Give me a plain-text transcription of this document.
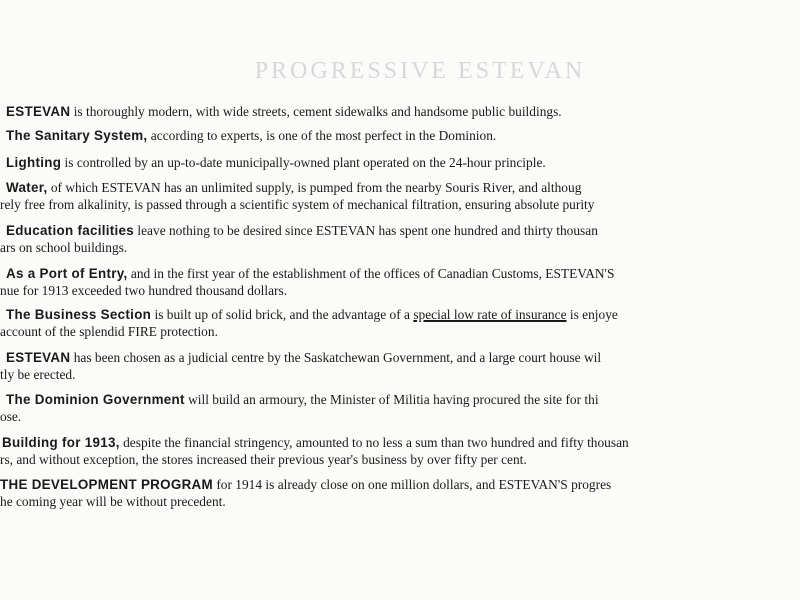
PROGRESSIVE ESTEVAN
ESTEVAN is thoroughly modern, with wide streets, cement sidewalks and handsome public buildings.
The Sanitary System, according to experts, is one of the most perfect in the Dominion.
Lighting is controlled by an up-to-date municipally-owned plant operated on the 24-hour principle.
Water, of which ESTEVAN has an unlimited supply, is pumped from the nearby Souris River, and althoug
rely free from alkalinity, is passed through a scientific system of mechanical filtration, ensuring absolute purity
Education facilities leave nothing to be desired since ESTEVAN has spent one hundred and thirty thousan
ars on school buildings.
As a Port of Entry, and in the first year of the establishment of the offices of Canadian Customs, ESTEVAN'S
nue for 1913 exceeded two hundred thousand dollars.
The Business Section is built up of solid brick, and the advantage of a special low rate of insurance is enjoye
account of the splendid FIRE protection.
ESTEVAN has been chosen as a judicial centre by the Saskatchewan Government, and a large court house wil
tly be erected.
The Dominion Government will build an armoury, the Minister of Militia having procured the site for thi
ose.
Building for 1913, despite the financial stringency, amounted to no less a sum than two hundred and fifty thousan
rs, and without exception, the stores increased their previous year's business by over fifty per cent.
THE DEVELOPMENT PROGRAM for 1914 is already close on one million dollars, and ESTEVAN'S progres
he coming year will be without precedent.
